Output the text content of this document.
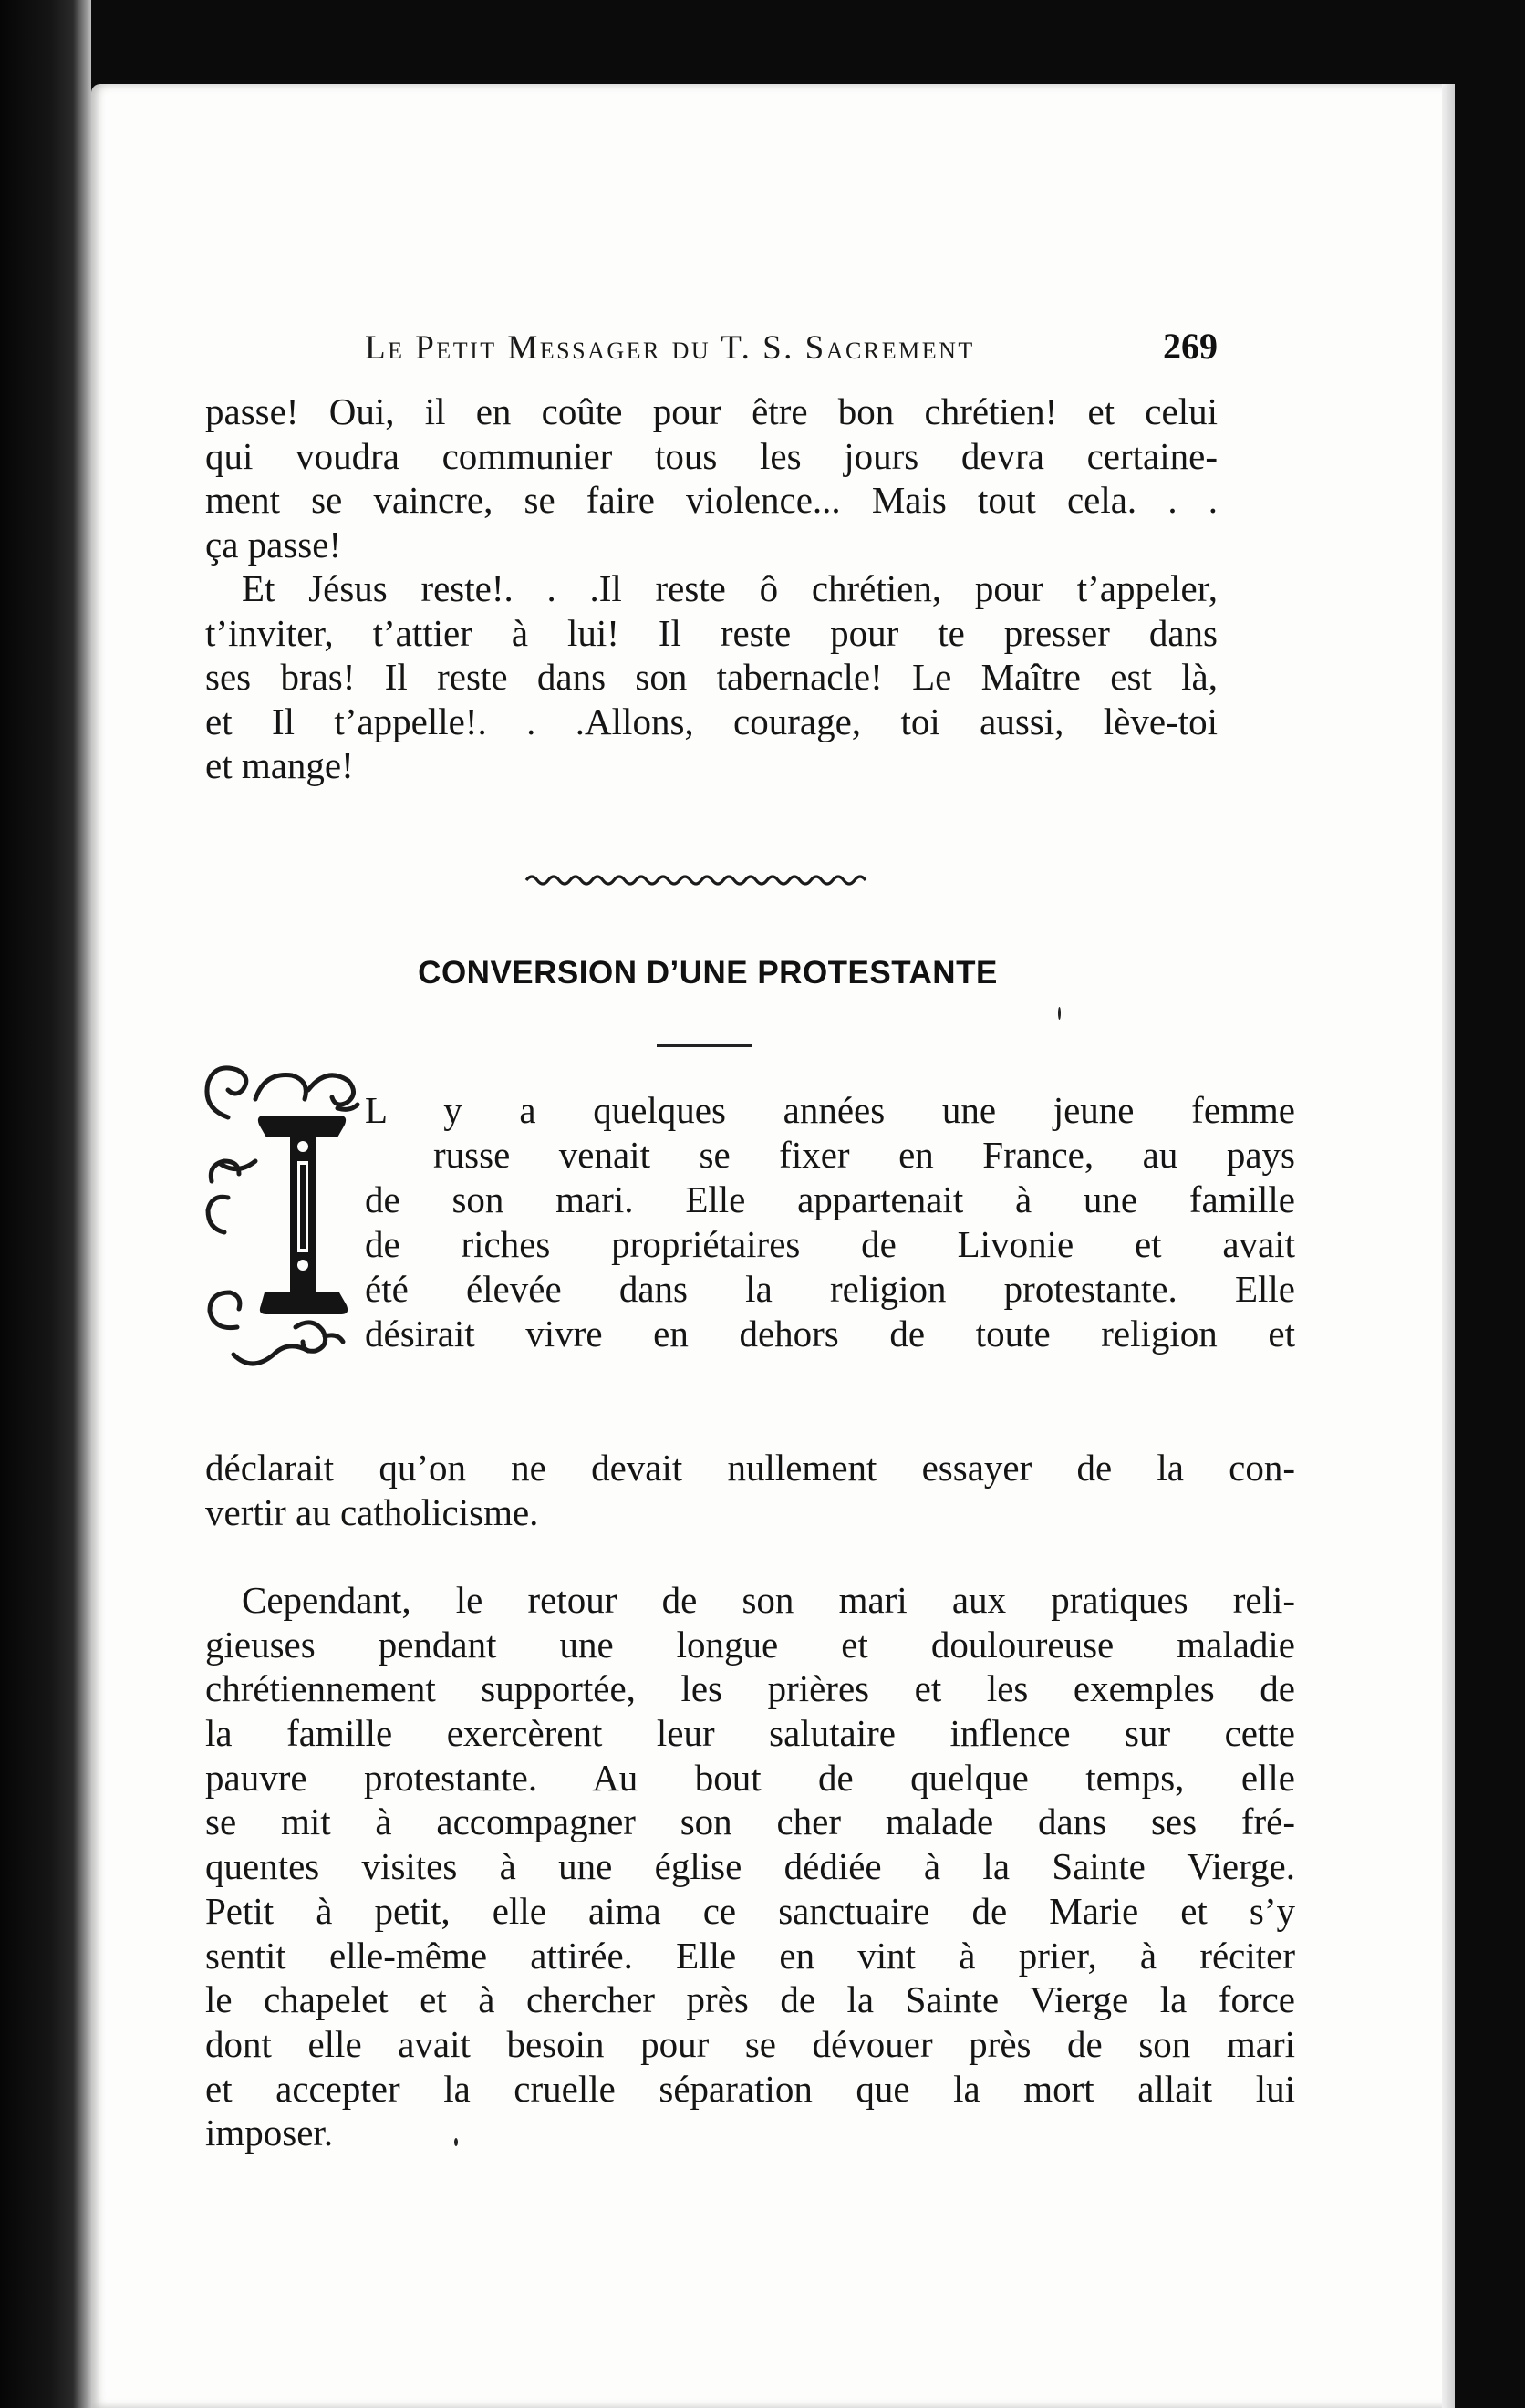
Le Petit Messager du T. S. Sacrement	269
passe! Oui, il en coûte pour être bon chrétien! et celui
qui voudra communier tous les jours devra certaine-
ment se vaincre, se faire violence... Mais tout cela. . .
ça passe!
Et Jésus reste!. . .Il reste ô chrétien, pour t’appeler,
t’inviter, t’attier à lui! Il reste pour te presser dans
ses bras! Il reste dans son tabernacle! Le Maître est là,
et Il t’appelle!. . .Allons, courage, toi aussi, lève-toi
et mange!
CONVERSION D’UNE PROTESTANTE
L y a quelques années une jeune femme
russe venait se fixer en France, au pays
de son mari. Elle appartenait à une famille
de riches propriétaires de Livonie et avait
été élevée dans la religion protestante. Elle
désirait vivre en dehors de toute religion et
déclarait qu’on ne devait nullement essayer de la con-
vertir au catholicisme.
Cependant, le retour de son mari aux pratiques reli-
gieuses pendant une longue et douloureuse maladie
chrétiennement supportée, les prières et les exemples de
la famille exercèrent leur salutaire inflence sur cette
pauvre protestante. Au bout de quelque temps, elle
se mit à accompagner son cher malade dans ses fré-
quentes visites à une église dédiée à la Sainte Vierge.
Petit à petit, elle aima ce sanctuaire de Marie et s’y
sentit elle-même attirée. Elle en vint à prier, à réciter
le chapelet et à chercher près de la Sainte Vierge la force
dont elle avait besoin pour se dévouer près de son mari
et accepter la cruelle séparation que la mort allait lui
imposer.
